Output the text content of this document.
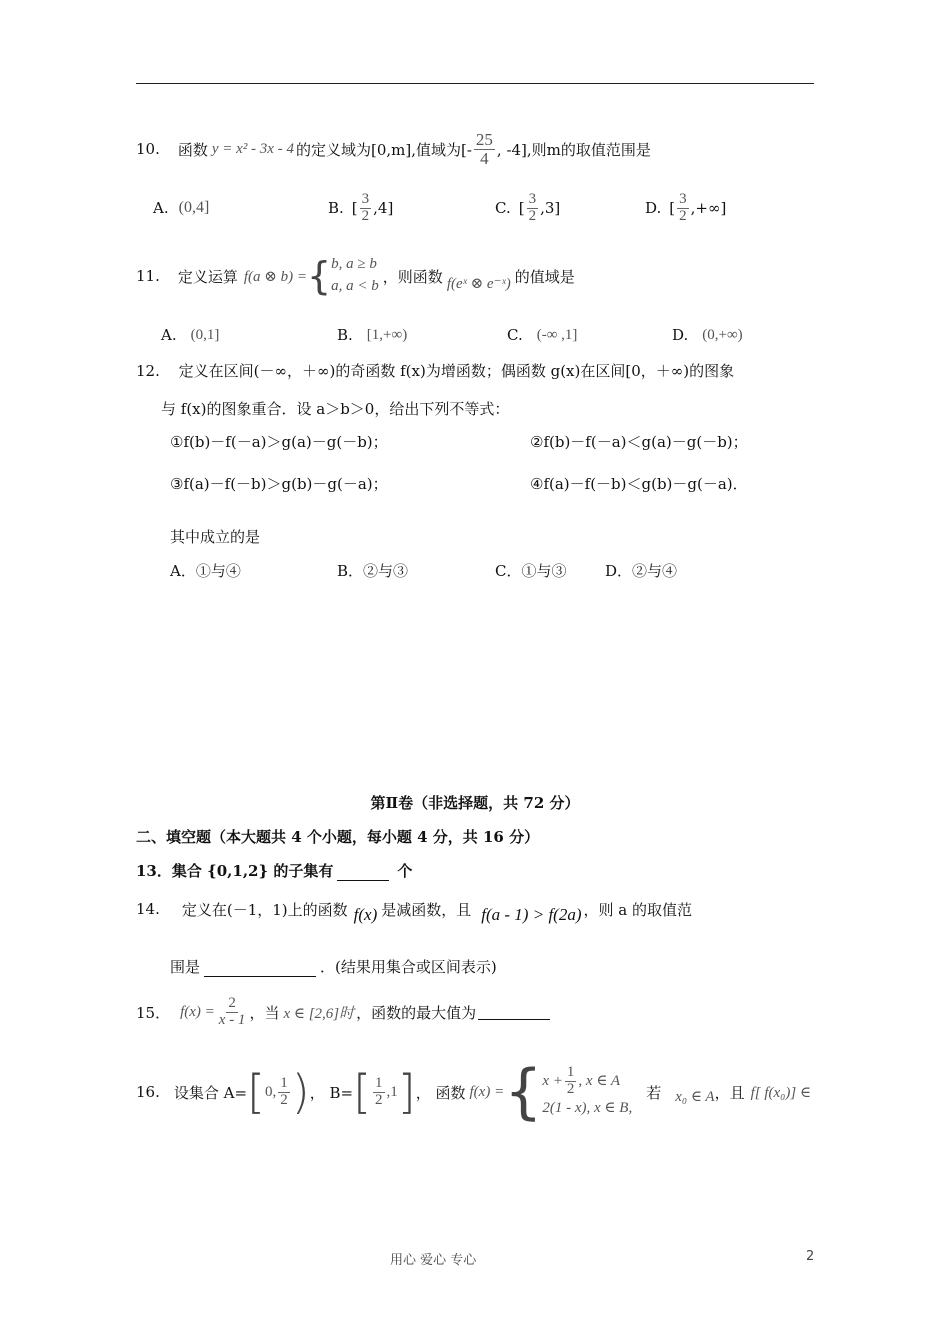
10. 函数 y = x² - 3x - 4 的定义域为[0,m],值域为[- $\frac{25}{4}$ , -4],则m的取值范围是
A. (0,4]	B. [ $\frac{3}{2} ,4$]	C. [ $\frac{3}{2} ,3$]	D. [ $\frac{3}{2}$ ,+∞]
11. 定义运算 f(a ⊗ b) = { b, a ≥ b
a, a < b
，则函数 f(eˣ ⊗ e⁻ˣ) 的值域是
A. (0,1]	B. [1,+∞)	C. (-∞ ,1]	D. (0,+∞)
12. 定义在区间(－∞，＋∞)的奇函数 f(x)为增函数；偶函数 g(x)在区间[0，＋∞)的图象
与 f(x)的图象重合．设 a＞b＞0，给出下列不等式：
①f(b)－f(－a)＞g(a)－g(－b)；	②f(b)－f(－a)＜g(a)－g(－b)；
③f(a)－f(－b)＞g(b)－g(－a)；	④f(a)－f(－b)＜g(b)－g(－a)．
其中成立的是
A．①与④	B．②与③	C．①与③	D．②与④
第Ⅱ卷（非选择题，共 72 分）
二、填空题（本大题共 4 个小题，每小题 4 分，共 16 分）
13．集合 {0,1,2} 的子集有	个
14. 定义在(－1，1)上的函数 f(x) 是减函数，且 f(a - 1) > f(2a) ，则 a 的取值范
围是	．(结果用集合或区间表示)
15． $f(x) = \frac{2}{x - 1}$ ，当 x ∈ [2,6]时 ，函数的最大值为
16. 设集合 A= [ 0, $\frac{1}{2}$ ) ， B= [ $\frac{1}{2} ,1$ ] ， 函数 f(x) = { $x + \frac{1}{2}$ , x ∈ A
2(1 - x), x ∈ B,
若 x₀ ∈ A ，且 f[ f(x₀)] ∈
用心 爱心 专心	2
